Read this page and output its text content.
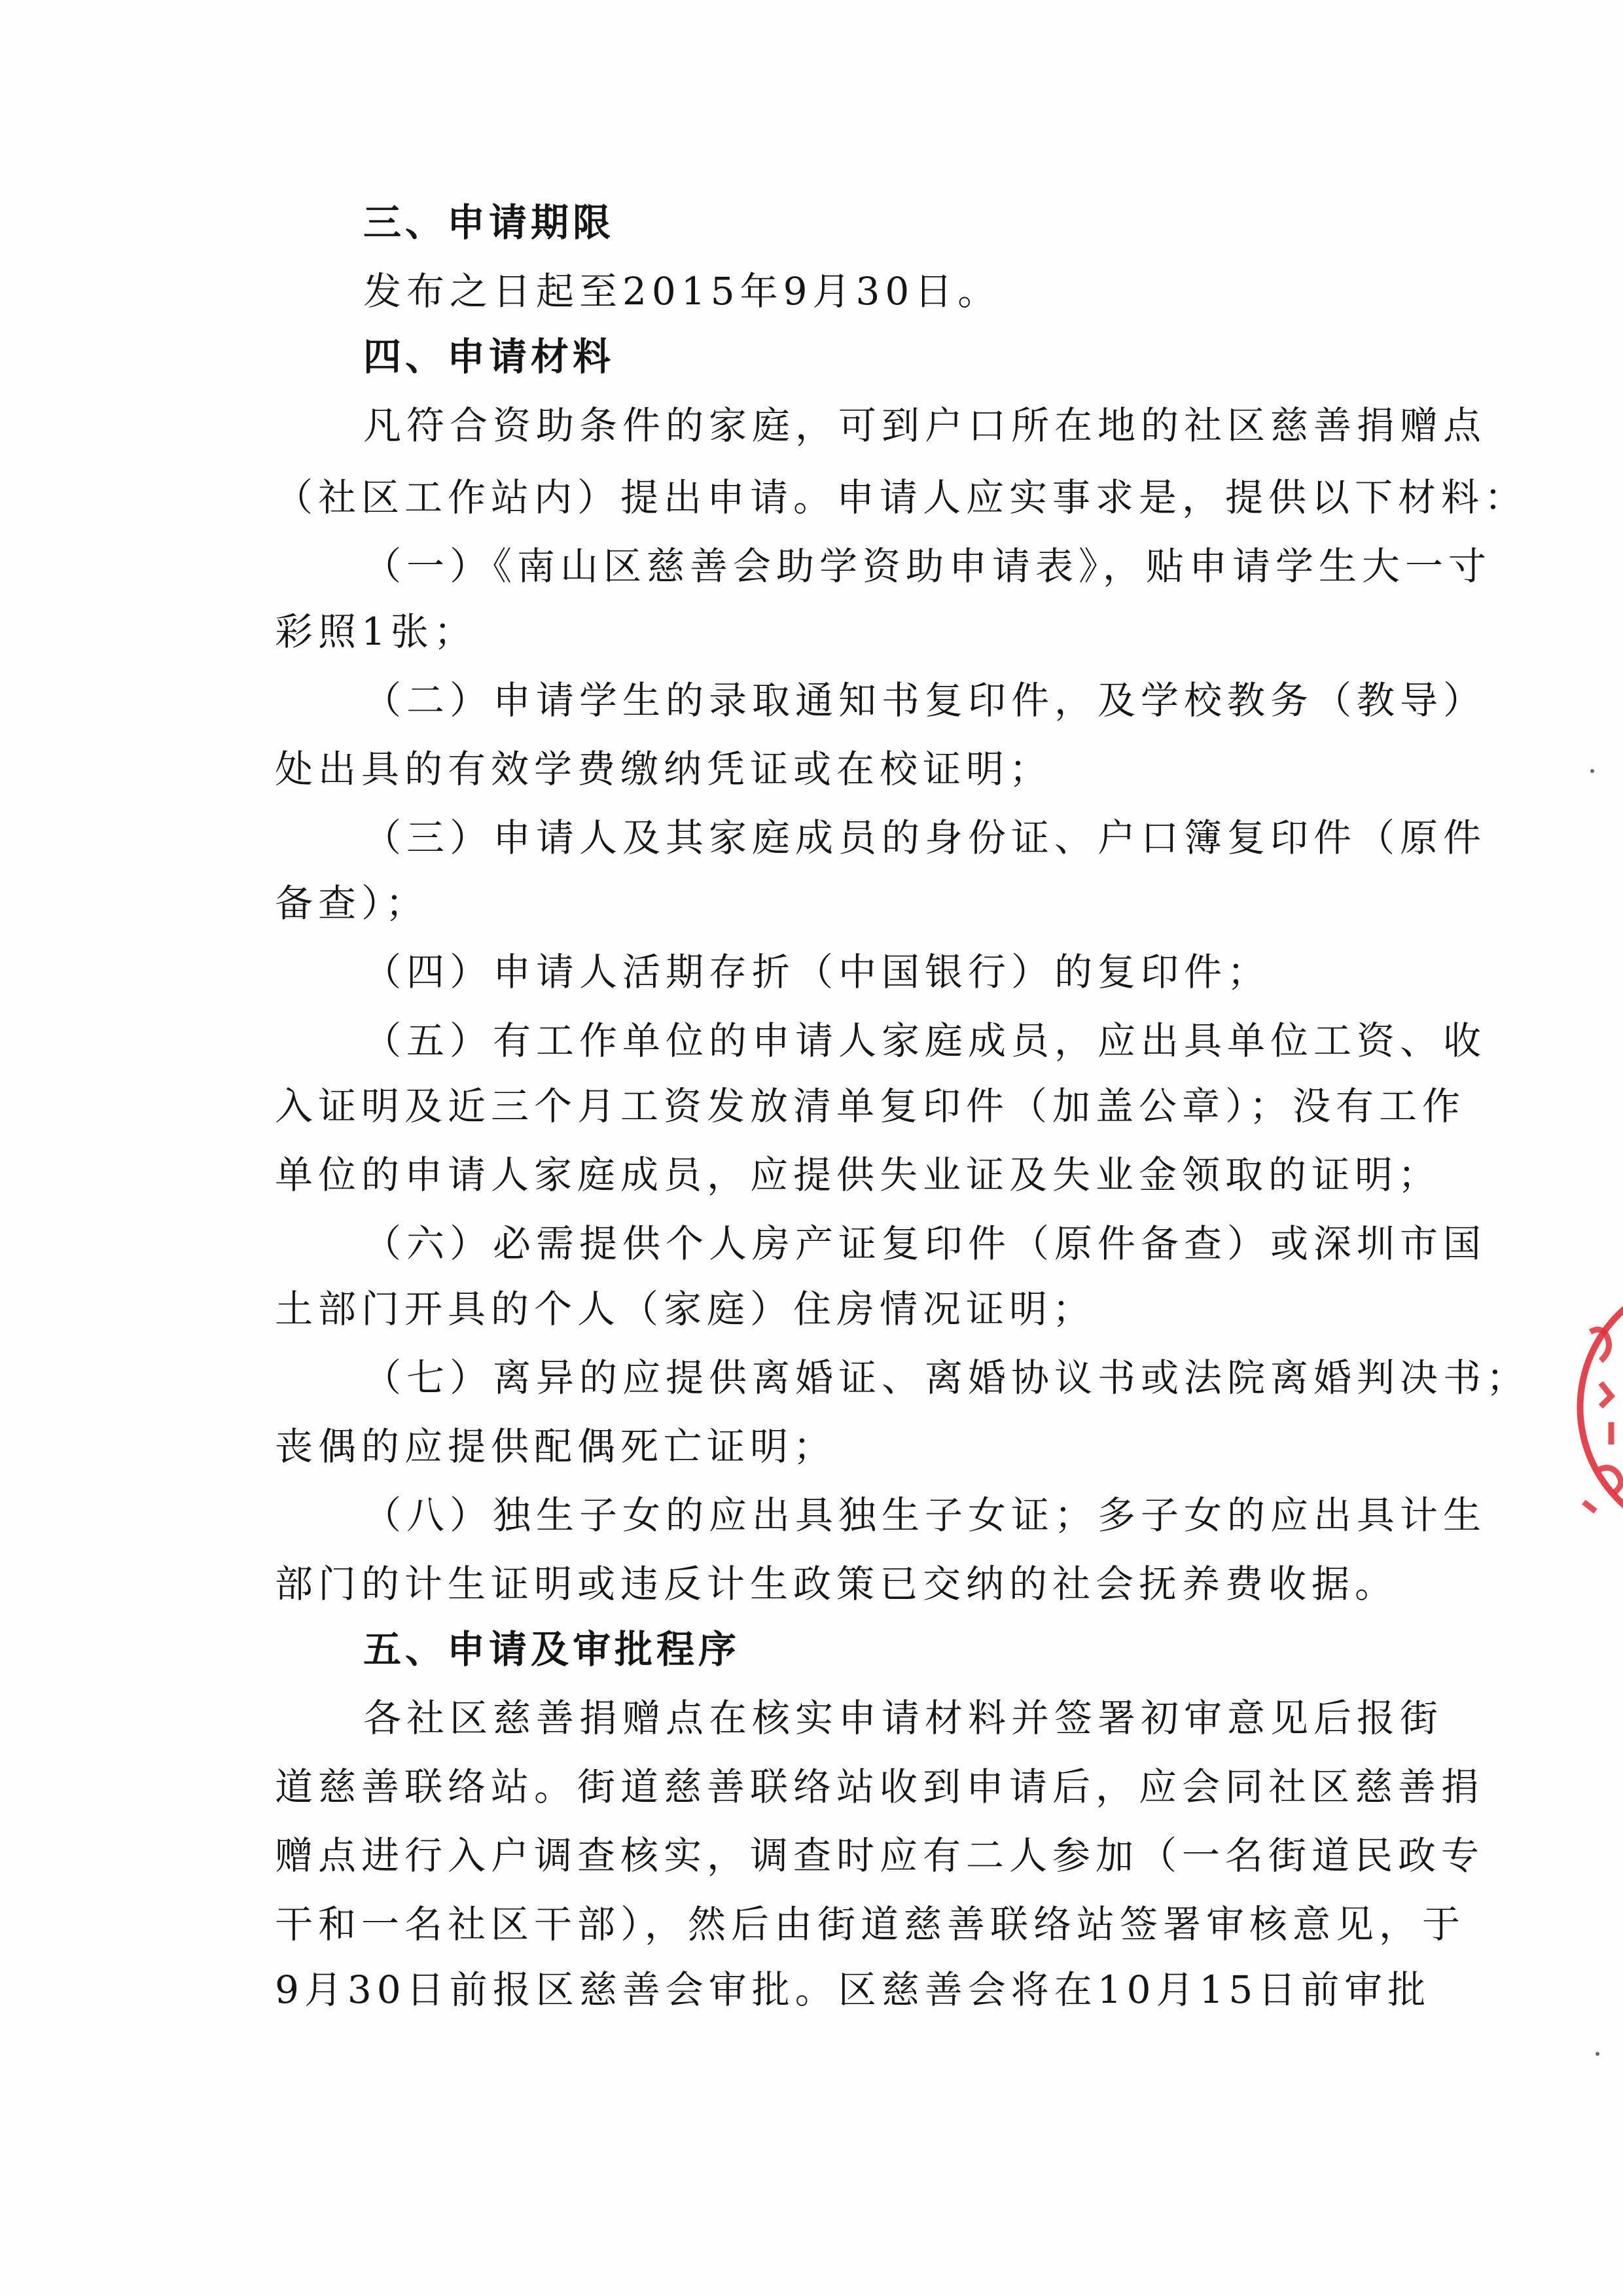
三、申请期限
发布之日起至2015年9月30日。
四、申请材料
凡符合资助条件的家庭，可到户口所在地的社区慈善捐赠点
（社区工作站内）提出申请。申请人应实事求是，提供以下材料：
（一）《南山区慈善会助学资助申请表》，贴申请学生大一寸
彩照1张；
（二）申请学生的录取通知书复印件，及学校教务（教导）
处出具的有效学费缴纳凭证或在校证明；
（三）申请人及其家庭成员的身份证、户口簿复印件（原件
备查）；
（四）申请人活期存折（中国银行）的复印件；
（五）有工作单位的申请人家庭成员，应出具单位工资、收
入证明及近三个月工资发放清单复印件（加盖公章）；没有工作
单位的申请人家庭成员，应提供失业证及失业金领取的证明；
（六）必需提供个人房产证复印件（原件备查）或深圳市国
土部门开具的个人（家庭）住房情况证明；
（七）离异的应提供离婚证、离婚协议书或法院离婚判决书；
丧偶的应提供配偶死亡证明；
（八）独生子女的应出具独生子女证；多子女的应出具计生
部门的计生证明或违反计生政策已交纳的社会抚养费收据。
五、申请及审批程序
各社区慈善捐赠点在核实申请材料并签署初审意见后报街
道慈善联络站。街道慈善联络站收到申请后，应会同社区慈善捐
赠点进行入户调查核实，调查时应有二人参加（一名街道民政专
干和一名社区干部），然后由街道慈善联络站签署审核意见，于
9月30日前报区慈善会审批。区慈善会将在10月15日前审批
